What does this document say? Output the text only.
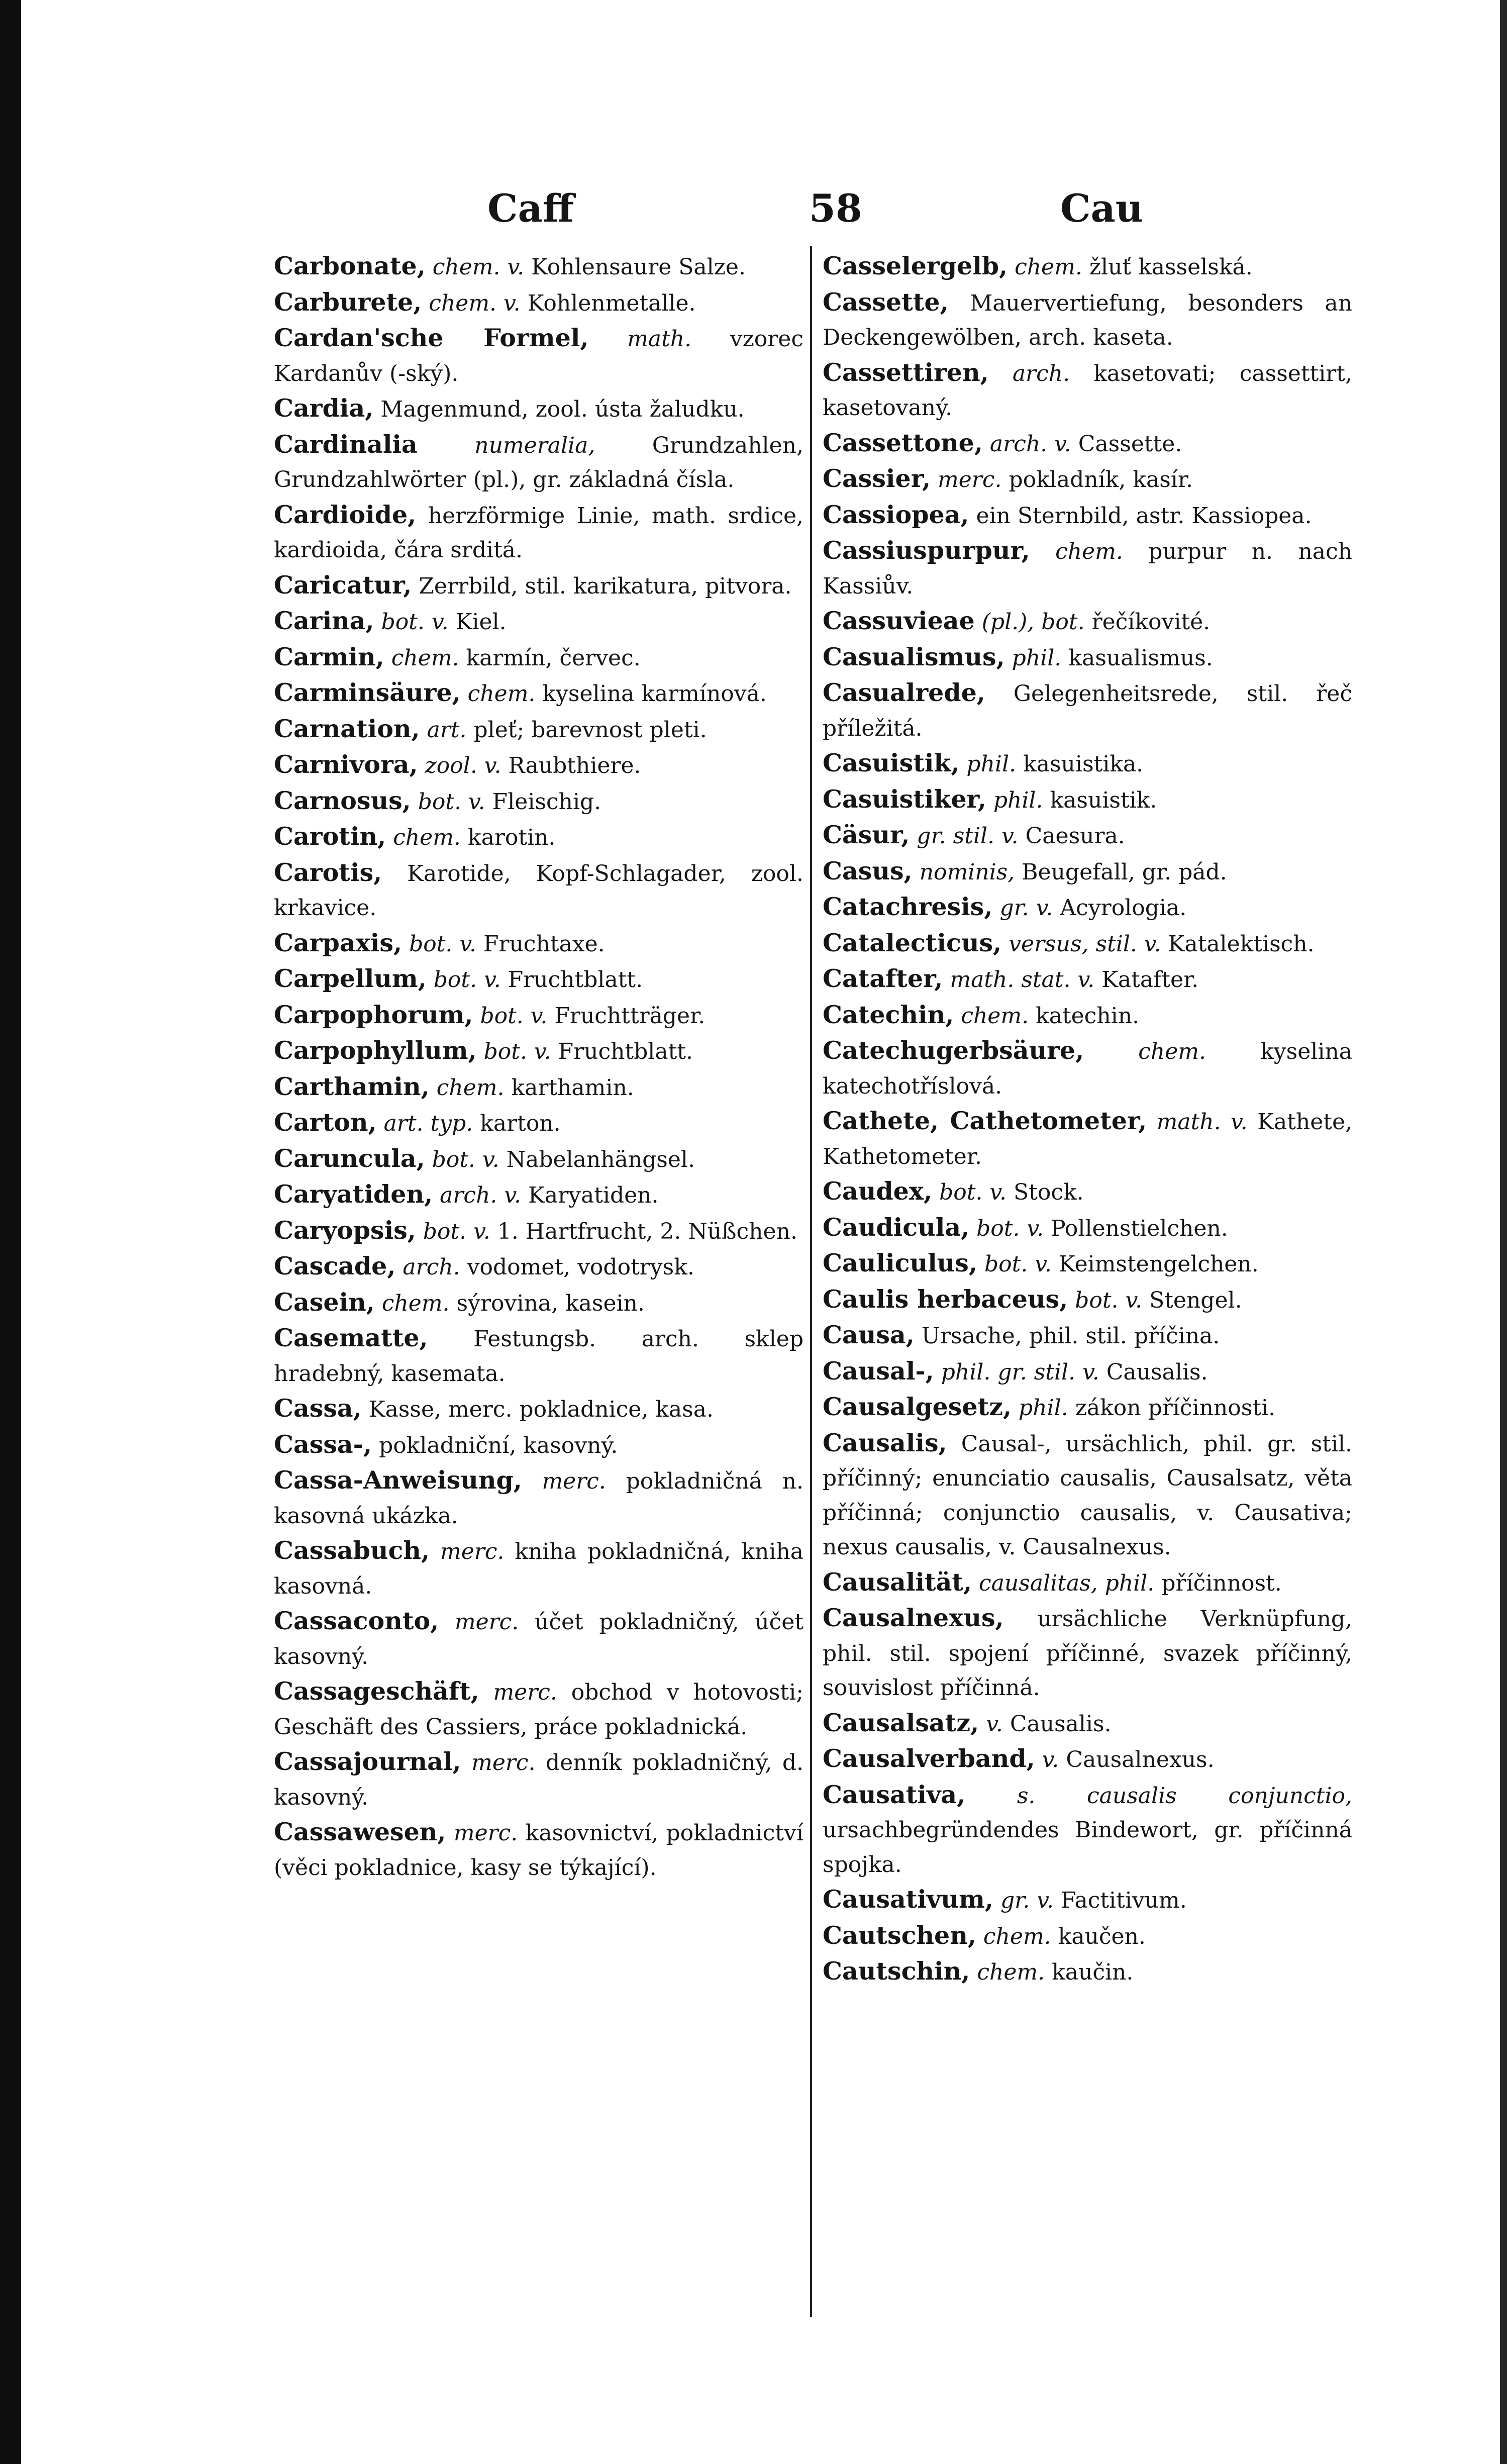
Caff	58	Cau

Carbonate, chem. v. Kohlensaure Salze.

Carburete, chem. v. Kohlenmetalle.

Cardan'sche Formel, math. vzorec Kardanův (-ský).

Cardia, Magenmund, zool. ústa žaludku.

Cardinalia	numeralia,	Grundzahlen, Grundzahlwörter (pl.), gr. základná čísla.

Cardioide, herzförmige Linie, math. srdice, kardioida, čára srditá.

Caricatur, Zerrbild, stil. karikatura, pitvora.

Carina, bot. v. Kiel.

Carmin, chem. karmín, červec.

Carminsäure, chem. kyselina karmínová.

Carnation, art. pleť; barevnost pleti.

Carnivora, zool. v. Raubthiere.

Carnosus, bot. v. Fleischig.

Carotin, chem. karotin.

Carotis, Karotide, Kopf-Schlagader, zool. krkavice.

Carpaxis, bot. v. Fruchtaxe.

Carpellum, bot. v. Fruchtblatt.

Carpophorum, bot. v. Fruchtträger.

Carpophyllum, bot. v. Fruchtblatt.

Carthamin, chem. karthamin.

Carton, art. typ. karton.

Caruncula, bot. v. Nabelanhängsel.

Caryatiden, arch. v. Karyatiden.

Caryopsis, bot. v. 1. Hartfrucht, 2. Nüßchen.

Cascade, arch. vodomet, vodotrysk.

Casein, chem. sýrovina, kasein.

Casematte, Festungsb. arch. sklep hradebný, kasemata.

Cassa, Kasse, merc. pokladnice, kasa.

Cassa-, pokladniční, kasovný.

Cassa-Anweisung, merc. pokladničná n. kasovná ukázka.

Cassabuch, merc. kniha pokladničná, kniha kasovná.

Cassaconto, merc. účet pokladničný, účet kasovný.

Cassageschäft, merc. obchod v hotovosti; Geschäft des Cassiers, práce pokladnická.

Cassajournal, merc. denník pokladničný, d. kasovný.

Cassawesen, merc. kasovnictví, pokladnictví (věci pokladnice, kasy se týkající).

Casselergelb, chem. žluť kasselská.

Cassette, Mauervertiefung, besonders an Deckengewölben, arch. kaseta.

Cassettiren, arch. kasetovati; cassettirt, kasetovaný.

Cassettone, arch. v. Cassette.

Cassier, merc. pokladník, kasír.

Cassiopea, ein Sternbild, astr. Kassiopea.

Cassiuspurpur, chem. purpur n. nach Kassiův.

Cassuvieae (pl.), bot. řečíkovité.

Casualismus, phil. kasualismus.

Casualrede, Gelegenheitsrede, stil. řeč příležitá.

Casuistik, phil. kasuistika.

Casuistiker, phil. kasuistik.

Cäsur, gr. stil. v. Caesura.

Casus, nominis, Beugefall, gr. pád.

Catachresis, gr. v. Acyrologia.

Catalecticus, versus, stil. v. Katalektisch.

Catafter, math. stat. v. Katafter.

Catechin, chem. katechin.

Catechugerbsäure, chem. kyselina katechotříslová.

Cathete, Cathetometer, math. v. Kathete, Kathetometer.

Caudex, bot. v. Stock.

Caudicula, bot. v. Pollenstielchen.

Cauliculus, bot. v. Keimstengelchen.

Caulis herbaceus, bot. v. Stengel.

Causa, Ursache, phil. stil. příčina.

Causal-, phil. gr. stil. v. Causalis.

Causalgesetz, phil. zákon příčinnosti.

Causalis, Causal-, ursächlich, phil. gr. stil. příčinný; enunciatio causalis, Causalsatz, věta příčinná; conjunctio causalis, v. Causativa; nexus causalis, v. Causalnexus.

Causalität, causalitas, phil. příčinnost.

Causalnexus, ursächliche Verknüpfung, phil. stil. spojení příčinné, svazek příčinný, souvislost příčinná.

Causalsatz, v. Causalis.

Causalverband, v. Causalnexus.

Causativa, s. causalis conjunctio, ursachbegründendes Bindewort, gr. příčinná spojka.

Causativum, gr. v. Factitivum.

Cautschen, chem. kaučen.

Cautschin, chem. kaučin.
